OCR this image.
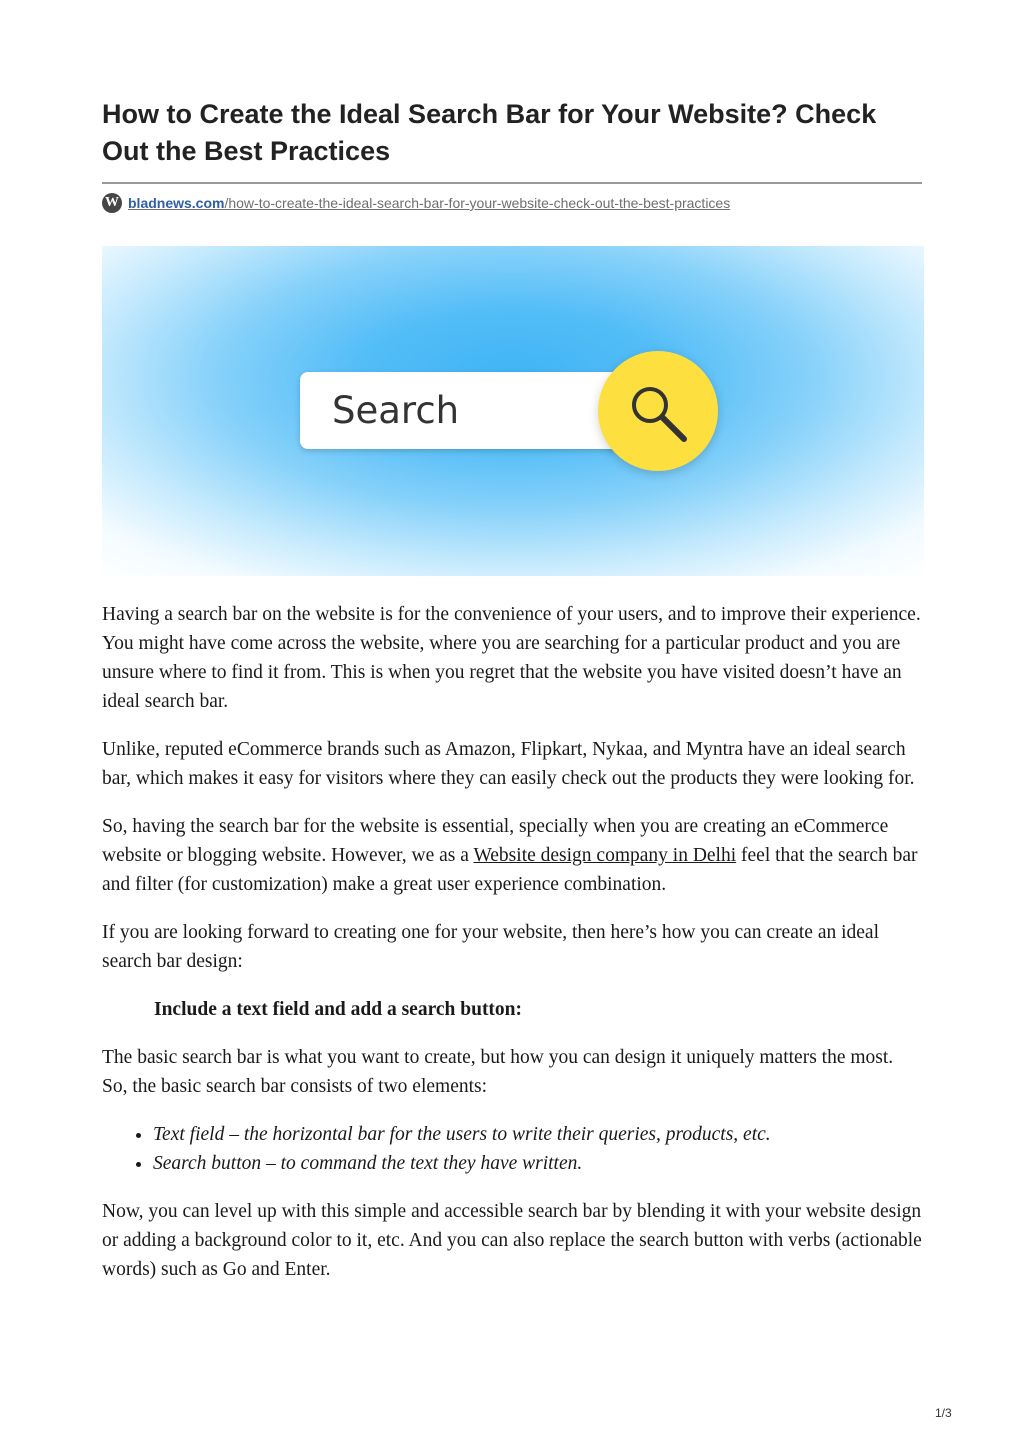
How to Create the Ideal Search Bar for Your Website? Check Out the Best Practices
W bladnews.com/how-to-create-the-ideal-search-bar-for-your-website-check-out-the-best-practices
Search

Having a search bar on the website is for the convenience of your users, and to improve their experience. You might have come across the website, where you are searching for a particular product and you are unsure where to find it from. This is when you regret that the website you have visited doesn’t have an ideal search bar.

Unlike, reputed eCommerce brands such as Amazon, Flipkart, Nykaa, and Myntra have an ideal search bar, which makes it easy for visitors where they can easily check out the products they were looking for.

So, having the search bar for the website is essential, specially when you are creating an eCommerce website or blogging website. However, we as a Website design company in Delhi feel that the search bar and filter (for customization) make a great user experience combination.

If you are looking forward to creating one for your website, then here’s how you can create an ideal search bar design:

Include a text field and add a search button:

The basic search bar is what you want to create, but how you can design it uniquely matters the most. So, the basic search bar consists of two elements:

• Text field – the horizontal bar for the users to write their queries, products, etc.
• Search button – to command the text they have written.

Now, you can level up with this simple and accessible search bar by blending it with your website design or adding a background color to it, etc. And you can also replace the search button with verbs (actionable words) such as Go and Enter.

1/3
